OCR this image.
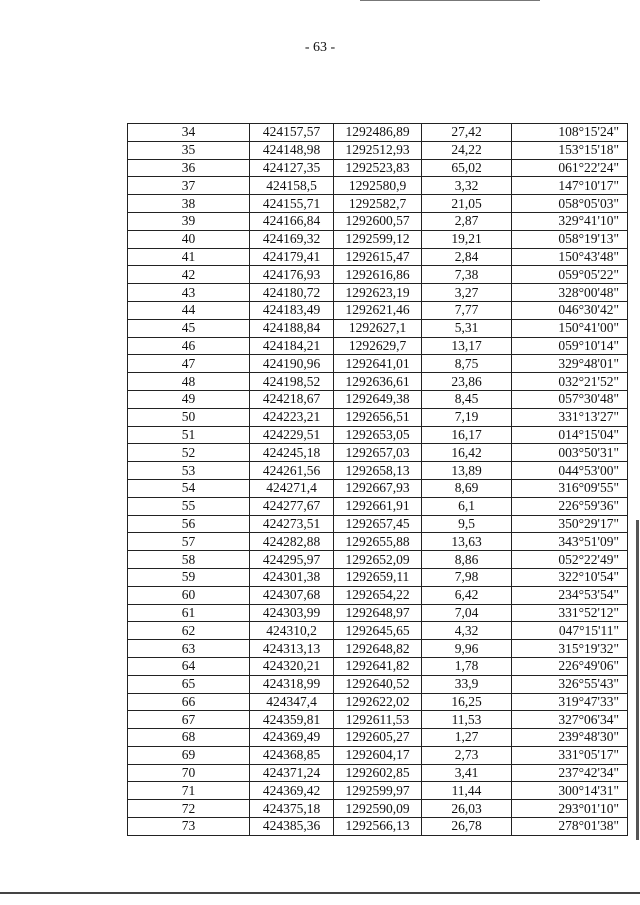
- 63 -
34	424157,57	1292486,89	27,42	108°15'24"
35	424148,98	1292512,93	24,22	153°15'18"
36	424127,35	1292523,83	65,02	061°22'24"
37	424158,5	1292580,9	3,32	147°10'17"
38	424155,71	1292582,7	21,05	058°05'03"
39	424166,84	1292600,57	2,87	329°41'10"
40	424169,32	1292599,12	19,21	058°19'13"
41	424179,41	1292615,47	2,84	150°43'48"
42	424176,93	1292616,86	7,38	059°05'22"
43	424180,72	1292623,19	3,27	328°00'48"
44	424183,49	1292621,46	7,77	046°30'42"
45	424188,84	1292627,1	5,31	150°41'00"
46	424184,21	1292629,7	13,17	059°10'14"
47	424190,96	1292641,01	8,75	329°48'01"
48	424198,52	1292636,61	23,86	032°21'52"
49	424218,67	1292649,38	8,45	057°30'48"
50	424223,21	1292656,51	7,19	331°13'27"
51	424229,51	1292653,05	16,17	014°15'04"
52	424245,18	1292657,03	16,42	003°50'31"
53	424261,56	1292658,13	13,89	044°53'00"
54	424271,4	1292667,93	8,69	316°09'55"
55	424277,67	1292661,91	6,1	226°59'36"
56	424273,51	1292657,45	9,5	350°29'17"
57	424282,88	1292655,88	13,63	343°51'09"
58	424295,97	1292652,09	8,86	052°22'49"
59	424301,38	1292659,11	7,98	322°10'54"
60	424307,68	1292654,22	6,42	234°53'54"
61	424303,99	1292648,97	7,04	331°52'12"
62	424310,2	1292645,65	4,32	047°15'11"
63	424313,13	1292648,82	9,96	315°19'32"
64	424320,21	1292641,82	1,78	226°49'06"
65	424318,99	1292640,52	33,9	326°55'43"
66	424347,4	1292622,02	16,25	319°47'33"
67	424359,81	1292611,53	11,53	327°06'34"
68	424369,49	1292605,27	1,27	239°48'30"
69	424368,85	1292604,17	2,73	331°05'17"
70	424371,24	1292602,85	3,41	237°42'34"
71	424369,42	1292599,97	11,44	300°14'31"
72	424375,18	1292590,09	26,03	293°01'10"
73	424385,36	1292566,13	26,78	278°01'38"
